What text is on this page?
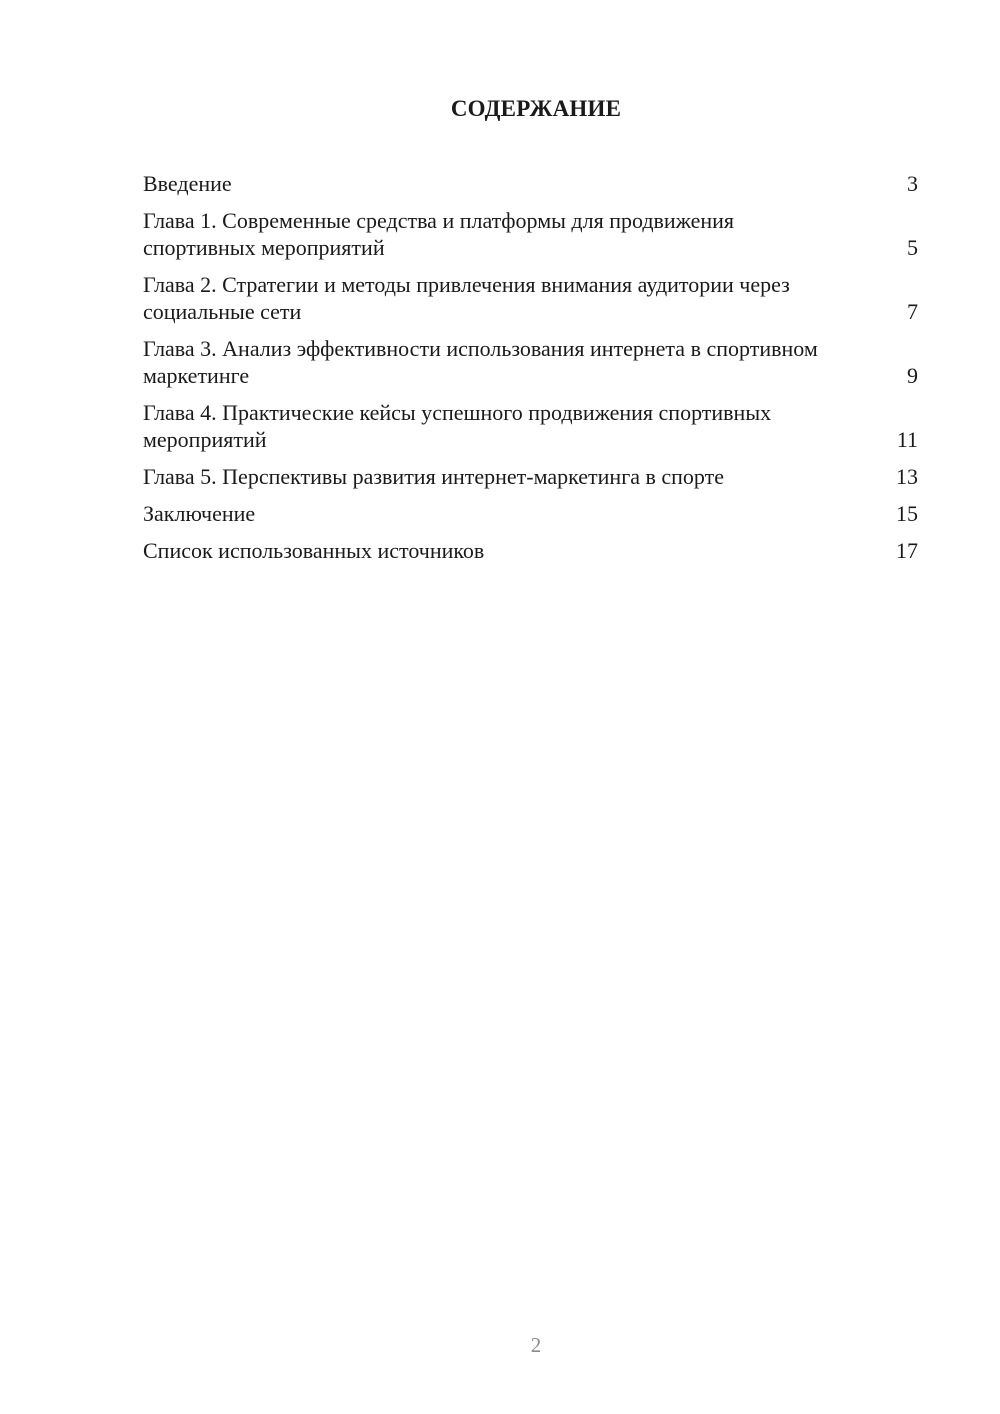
СОДЕРЖАНИЕ
Введение	3
Глава 1. Современные средства и платформы для продвижения спортивных мероприятий	5
Глава 2. Стратегии и методы привлечения внимания аудитории через социальные сети	7
Глава 3. Анализ эффективности использования интернета в спортивном маркетинге	9
Глава 4. Практические кейсы успешного продвижения спортивных мероприятий	11
Глава 5. Перспективы развития интернет-маркетинга в спорте	13
Заключение	15
Список использованных источников	17
2
